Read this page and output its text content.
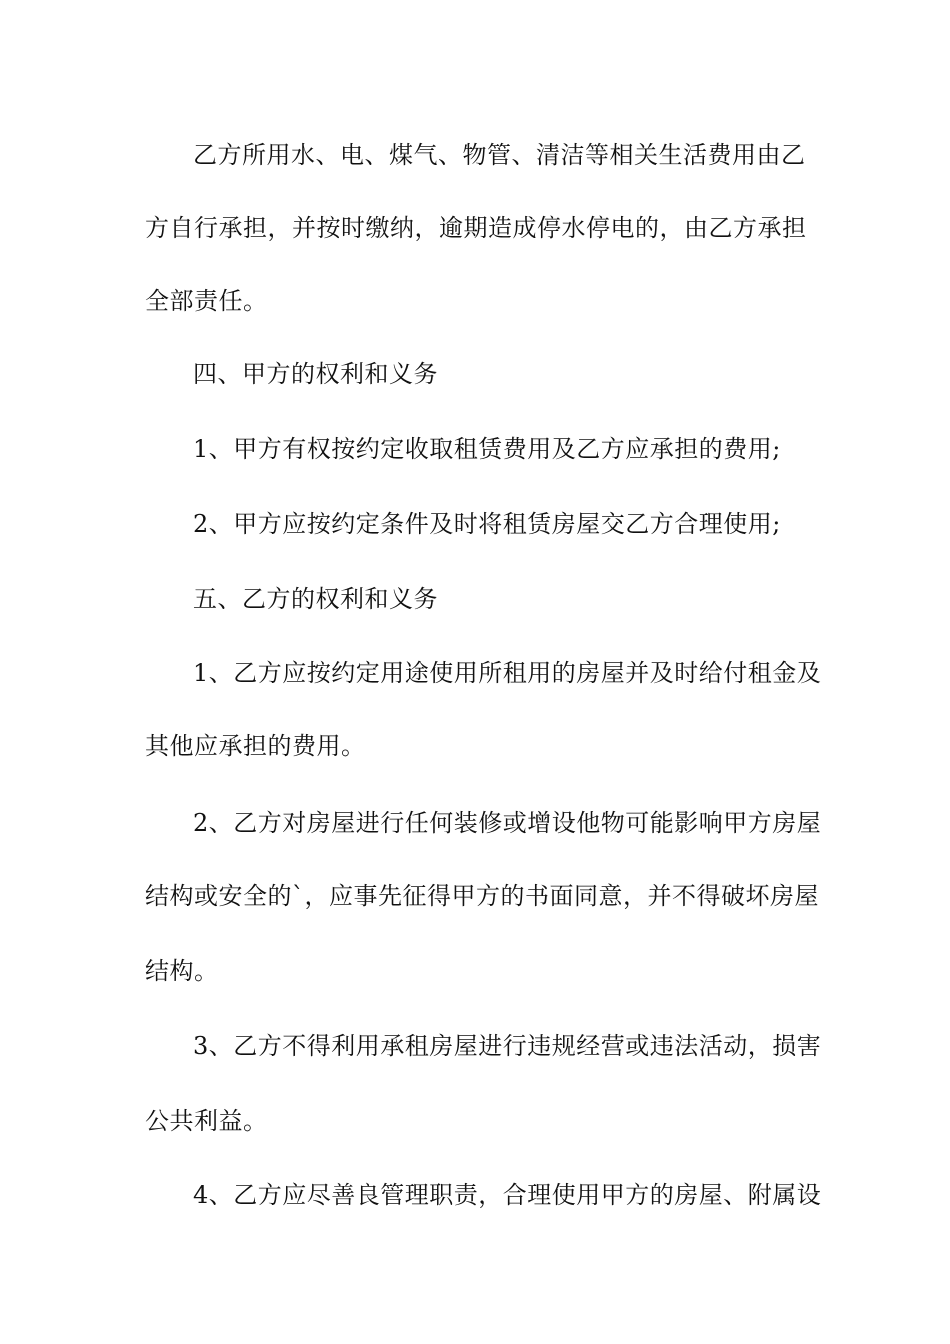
乙方所用水、电、煤气、物管、清洁等相关生活费用由乙
方自行承担，并按时缴纳，逾期造成停水停电的，由乙方承担
全部责任。
四、甲方的权利和义务
1、甲方有权按约定收取租赁费用及乙方应承担的费用;
2、甲方应按约定条件及时将租赁房屋交乙方合理使用;
五、乙方的权利和义务
1、乙方应按约定用途使用所租用的房屋并及时给付租金及
其他应承担的费用。
2、乙方对房屋进行任何装修或增设他物可能影响甲方房屋
结构或安全的`，应事先征得甲方的书面同意，并不得破坏房屋
结构。
3、乙方不得利用承租房屋进行违规经营或违法活动，损害
公共利益。
4、乙方应尽善良管理职责，合理使用甲方的房屋、附属设
